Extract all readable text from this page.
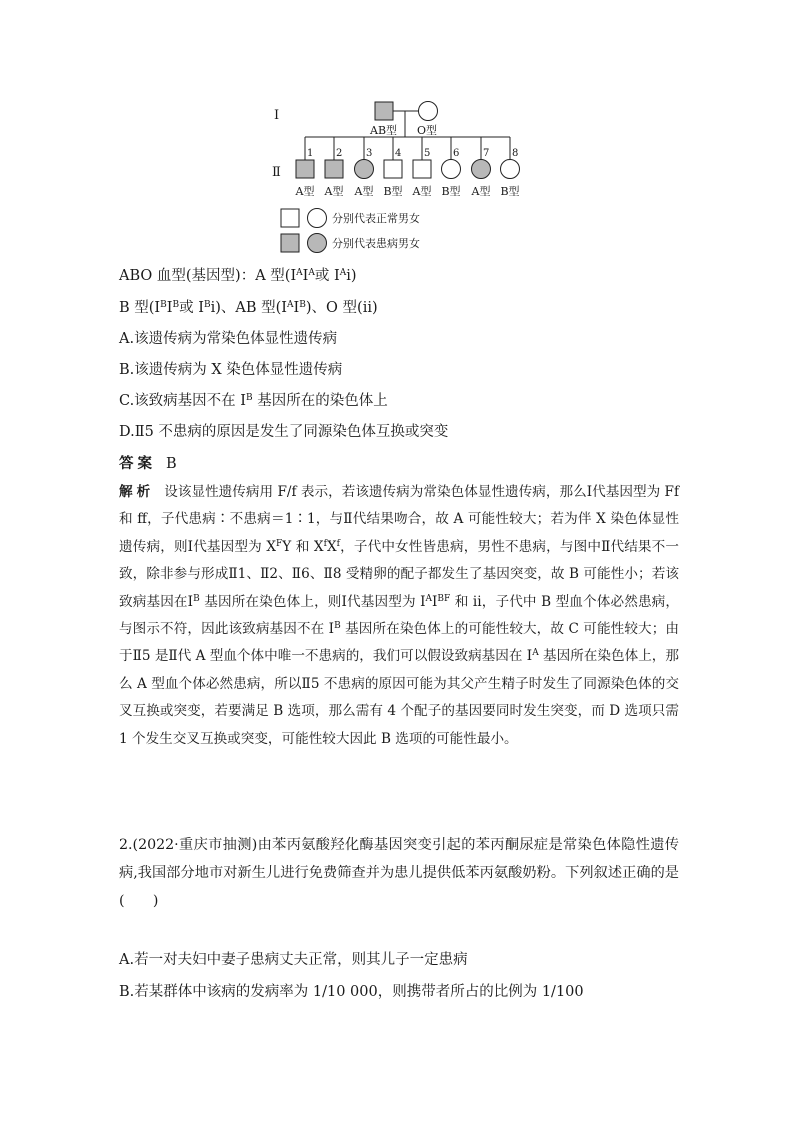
Ⅰ
Ⅱ
AB型 O型
1 2 3 4 5 6 7 8
A型 A型 A型 B型 A型 B型 A型 B型
分别代表正常男女
分别代表患病男女
ABO 血型(基因型)：A 型($I^AI^A$或 $I^Ai$)
B 型($I^BI^B$或 $I^Bi$)、AB 型$(I^AI^B)$、O 型(ii)
A.该遗传病为常染色体显性遗传病
B.该遗传病为 X 染色体显性遗传病
C.该致病基因不在 $I^B$ 基因所在的染色体上
D.Ⅱ5 不患病的原因是发生了同源染色体互换或突变
答案 B
解析 设该显性遗传病用 F/f 表示，若该遗传病为常染色体显性遗传病，那么Ⅰ代基因型为 Ff 和 ff，子代患病∶不患病＝1∶1，与Ⅱ代结果吻合，故 A 可能性较大；若为伴 X 染色体显性遗传病，则Ⅰ代基因型为 $X^FY$ 和 $X^fX^f$，子代中女性皆患病，男性不患病，与图中Ⅱ代结果不一致，除非参与形成Ⅱ1、Ⅱ2、Ⅱ6、Ⅱ8 受精卵的配子都发生了基因突变，故 B 可能性小；若该致病基因在Ⅰ$^B$ 基因所在染色体上，则Ⅰ代基因型为 $I^AI^{BF}$ 和 ii，子代中 B 型血个体必然患病，与图示不符，因此该致病基因不在 $I^B$ 基因所在染色体上的可能性较大，故 C 可能性较大；由于Ⅱ5 是Ⅱ代 A 型血个体中唯一不患病的，我们可以假设致病基因在 $I^A$ 基因所在染色体上，那么 A 型血个体必然患病，所以Ⅱ5 不患病的原因可能为其父产生精子时发生了同源染色体的交叉互换或突变，若要满足 B 选项，那么需有 4 个配子的基因要同时发生突变，而 D 选项只需 1 个发生交叉互换或突变，可能性较大因此 B 选项的可能性最小。
2.(2022·重庆市抽测)由苯丙氨酸羟化酶基因突变引起的苯丙酮尿症是常染色体隐性遗传病,我国部分地市对新生儿进行免费筛查并为患儿提供低苯丙氨酸奶粉。下列叙述正确的是(　　)
A.若一对夫妇中妻子患病丈夫正常，则其儿子一定患病
B.若某群体中该病的发病率为 1/10 000，则携带者所占的比例为 1/100
